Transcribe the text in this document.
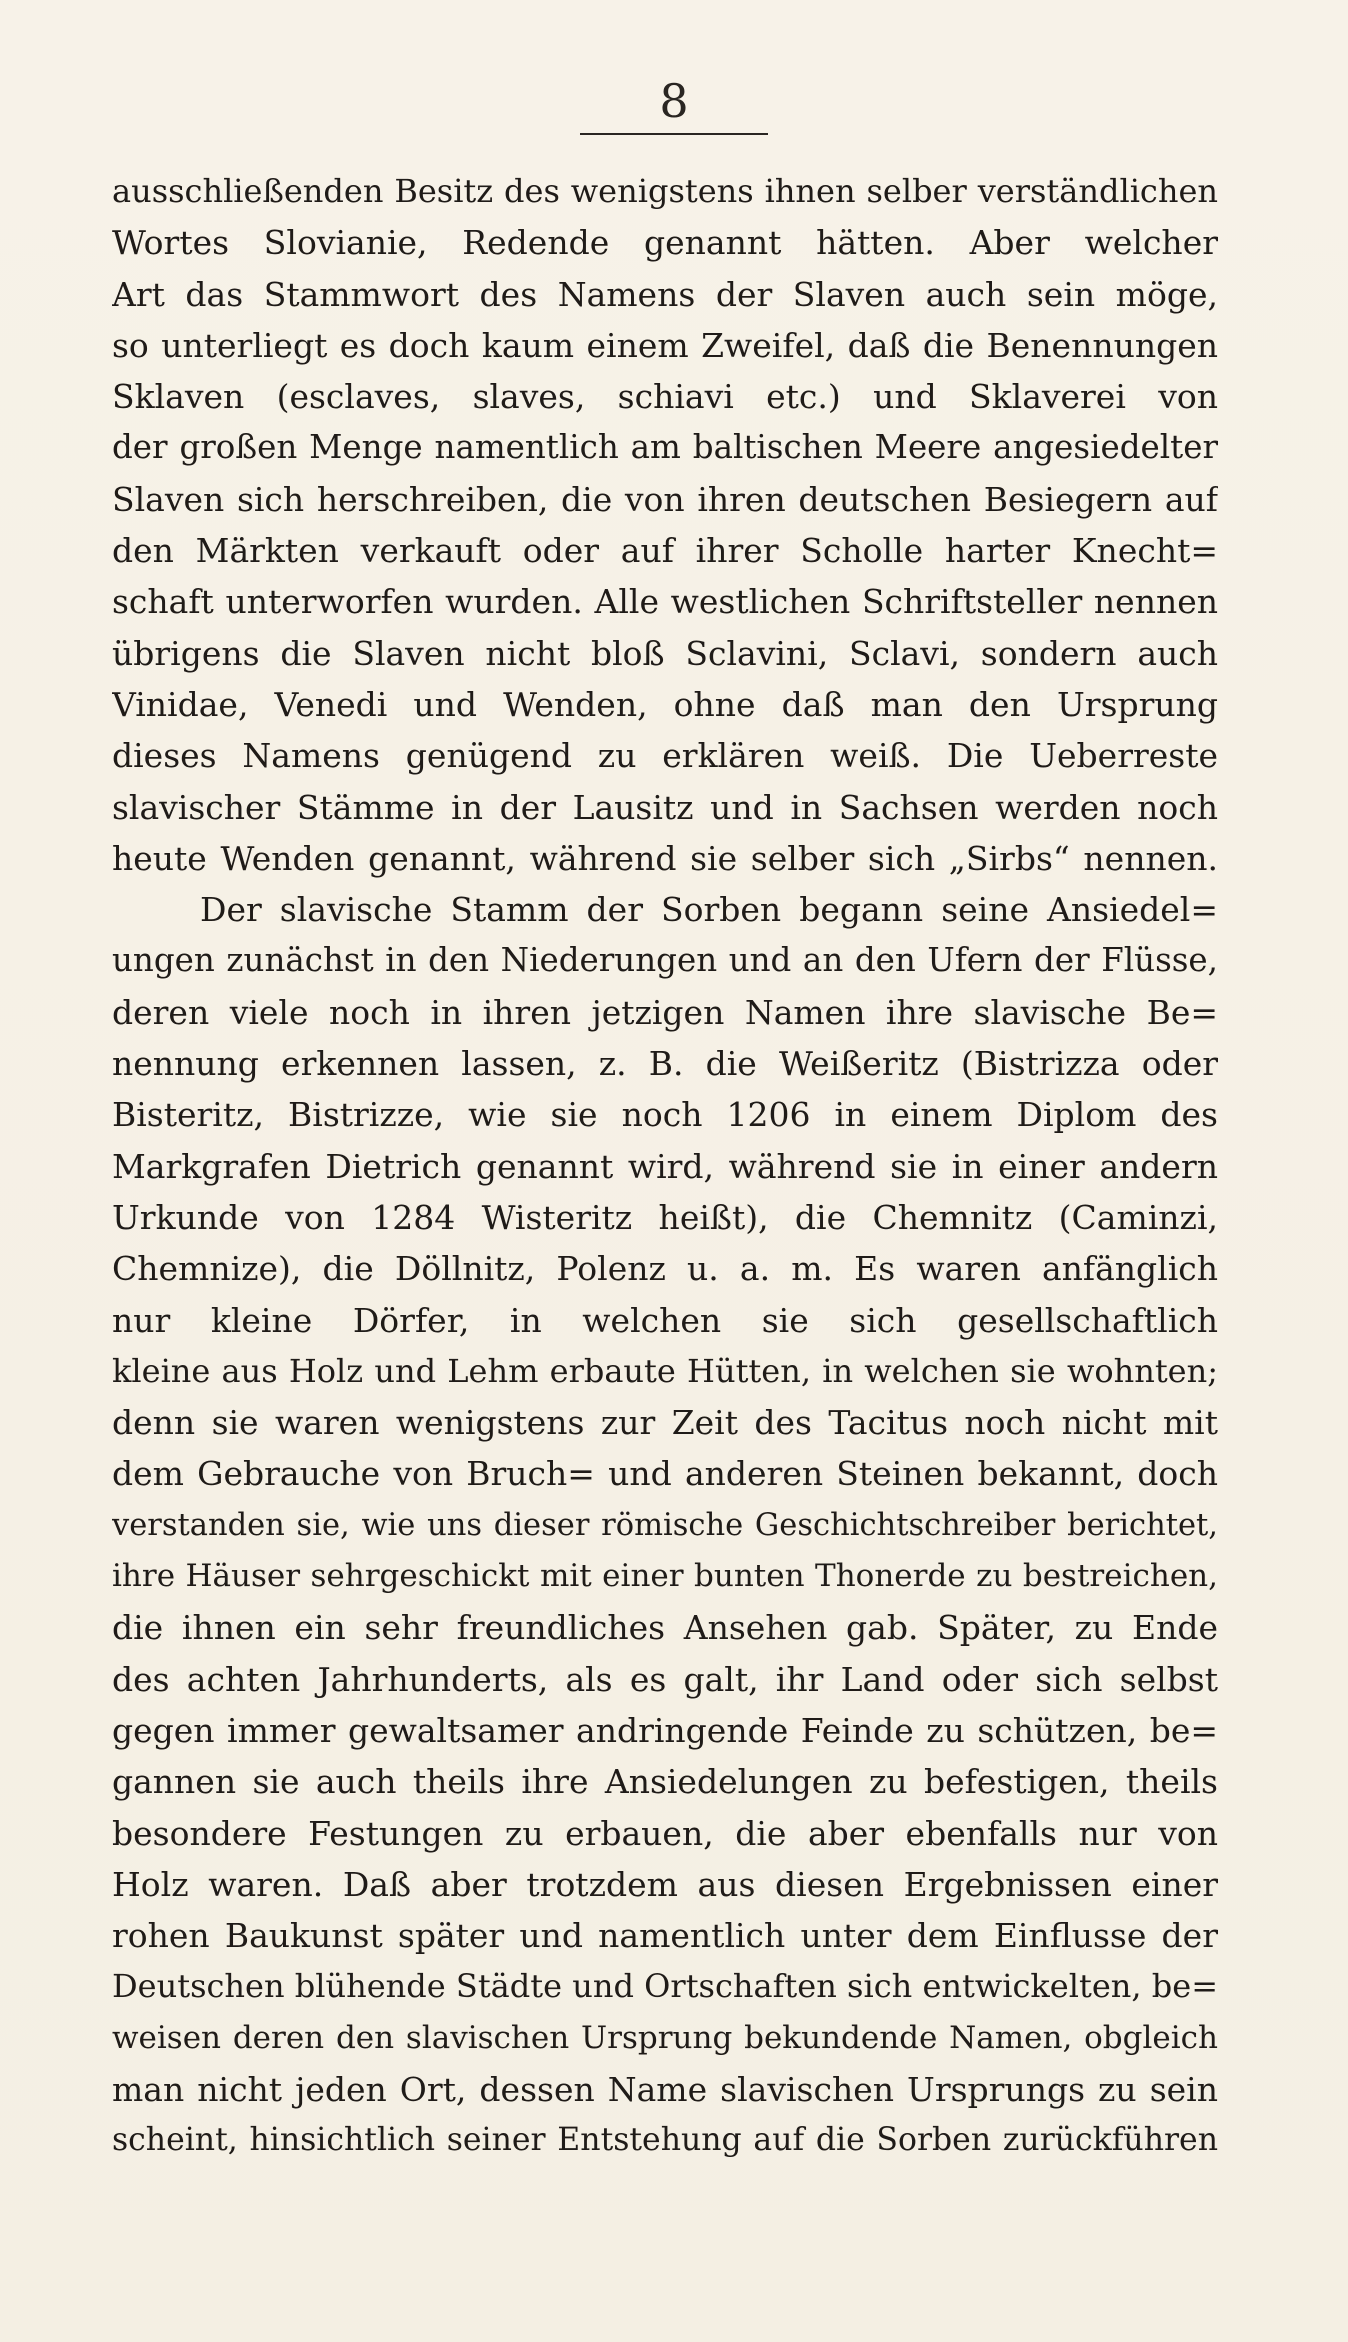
8
ausschließenden Besitz des wenigstens ihnen selber verständlichen
Wortes Slovianie, Redende genannt hätten. Aber welcher
Art das Stammwort des Namens der Slaven auch sein möge,
so unterliegt es doch kaum einem Zweifel, daß die Benennungen
Sklaven (esclaves, slaves, schiavi etc.) und Sklaverei von
der großen Menge namentlich am baltischen Meere angesiedelter
Slaven sich herschreiben, die von ihren deutschen Besiegern auf
den Märkten verkauft oder auf ihrer Scholle harter Knecht=
schaft unterworfen wurden. Alle westlichen Schriftsteller nennen
übrigens die Slaven nicht bloß Sclavini, Sclavi, sondern auch
Vinidae, Venedi und Wenden, ohne daß man den Ursprung
dieses Namens genügend zu erklären weiß. Die Ueberreste
slavischer Stämme in der Lausitz und in Sachsen werden noch
heute Wenden genannt, während sie selber sich „Sirbs“ nennen.
Der slavische Stamm der Sorben begann seine Ansiedel=
ungen zunächst in den Niederungen und an den Ufern der Flüsse,
deren viele noch in ihren jetzigen Namen ihre slavische Be=
nennung erkennen lassen, z. B. die Weißeritz (Bistrizza oder
Bisteritz, Bistrizze, wie sie noch 1206 in einem Diplom des
Markgrafen Dietrich genannt wird, während sie in einer andern
Urkunde von 1284 Wisteritz heißt), die Chemnitz (Caminzi,
Chemnize), die Döllnitz, Polenz u. a. m. Es waren anfänglich
nur kleine Dörfer, in welchen sie sich gesellschaftlich
kleine aus Holz und Lehm erbaute Hütten, in welchen sie wohnten;
denn sie waren wenigstens zur Zeit des Tacitus noch nicht mit
dem Gebrauche von Bruch= und anderen Steinen bekannt, doch
verstanden sie, wie uns dieser römische Geschichtschreiber berichtet,
ihre Häuser sehrgeschickt mit einer bunten Thonerde zu bestreichen,
die ihnen ein sehr freundliches Ansehen gab. Später, zu Ende
des achten Jahrhunderts, als es galt, ihr Land oder sich selbst
gegen immer gewaltsamer andringende Feinde zu schützen, be=
gannen sie auch theils ihre Ansiedelungen zu befestigen, theils
besondere Festungen zu erbauen, die aber ebenfalls nur von
Holz waren. Daß aber trotzdem aus diesen Ergebnissen einer
rohen Baukunst später und namentlich unter dem Einflusse der
Deutschen blühende Städte und Ortschaften sich entwickelten, be=
weisen deren den slavischen Ursprung bekundende Namen, obgleich
man nicht jeden Ort, dessen Name slavischen Ursprungs zu sein
scheint, hinsichtlich seiner Entstehung auf die Sorben zurückführen
